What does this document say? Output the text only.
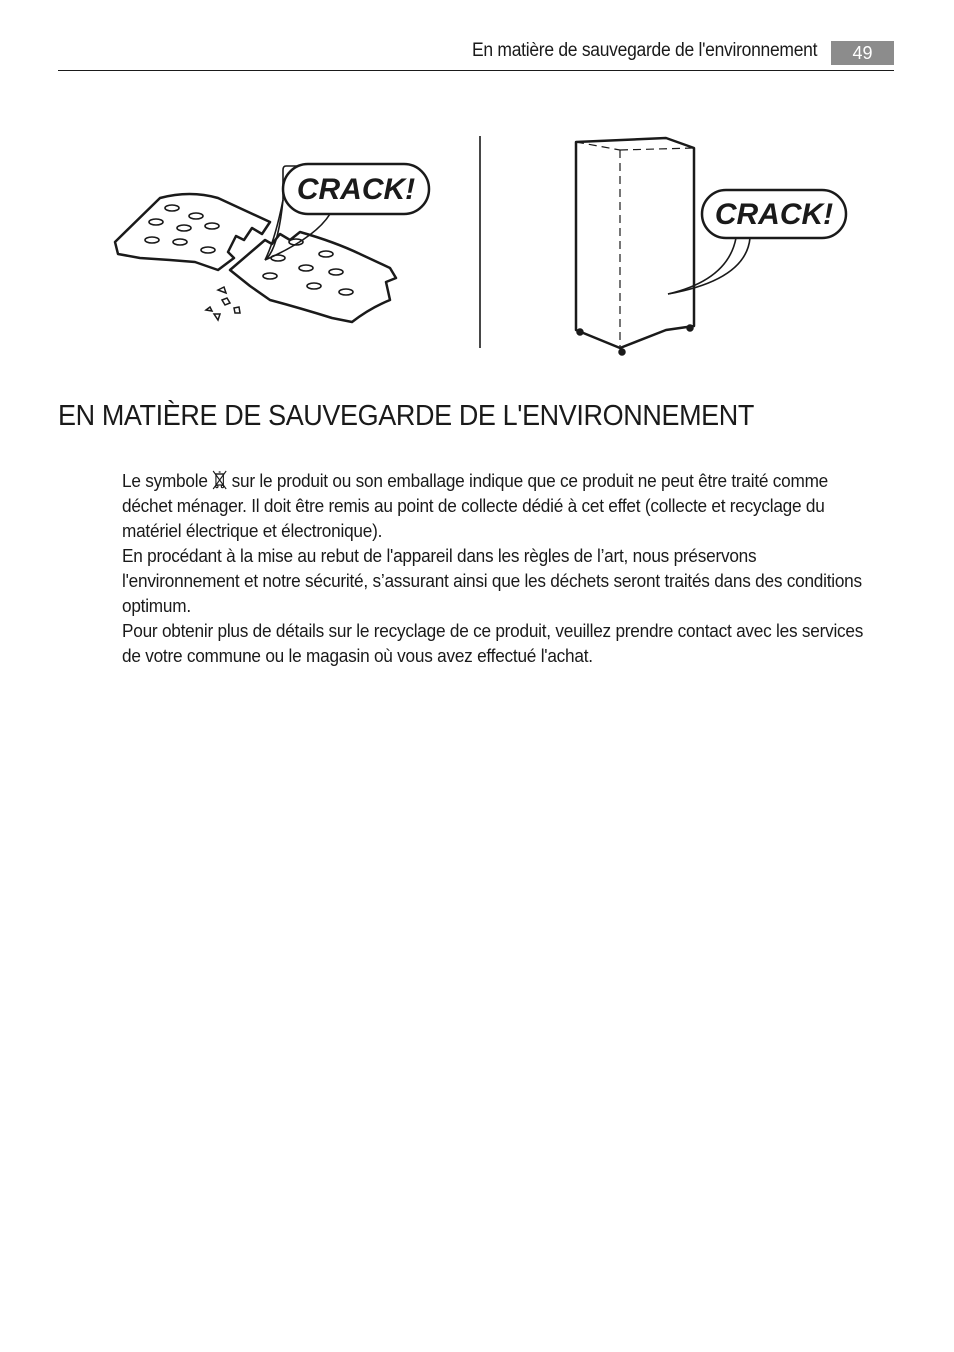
En matière de sauvegarde de l'environnement	49
CRACK!
CRACK!
EN MATIÈRE DE SAUVEGARDE DE L'ENVIRONNEMENT

Le symbole sur le produit ou son emballage indique que ce produit ne peut être traité comme déchet ménager. Il doit être remis au point de collecte dédié à cet effet (collecte et recyclage du matériel électrique et électronique).

En procédant à la mise au rebut de l'appareil dans les règles de l’art, nous préservons l'environnement et notre sécurité, s’assurant ainsi que les déchets seront traités dans des conditions optimum.

Pour obtenir plus de détails sur le recyclage de ce produit, veuillez prendre contact avec les services de votre commune ou le magasin où vous avez effectué l'achat.
